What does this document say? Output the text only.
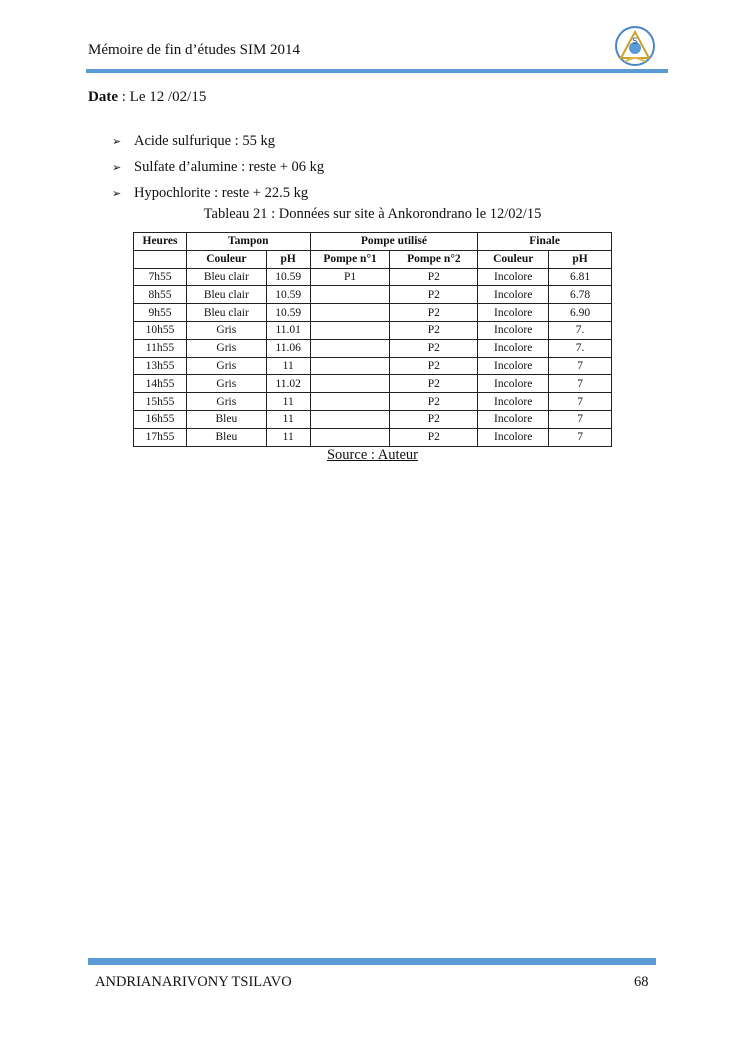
Mémoire de fin d’études SIM 2014	S
Date : Le 12 /02/15
➢ Acide sulfurique : 55 kg
➢ Sulfate d’alumine : reste + 06 kg
➢ Hypochlorite : reste + 22.5 kg
Tableau 21 : Données sur site à Ankorondrano le 12/02/15
Heures	Tampon		Pompe utilisé		Finale	
	Couleur	pH	Pompe n°1	Pompe n°2	Couleur	pH
7h55	Bleu clair	10.59	P1	P2	Incolore	6.81
8h55	Bleu clair	10.59		P2	Incolore	6.78
9h55	Bleu clair	10.59		P2	Incolore	6.90
10h55	Gris	11.01		P2	Incolore	7.
11h55	Gris	11.06		P2	Incolore	7.
13h55	Gris	11		P2	Incolore	7
14h55	Gris	11.02		P2	Incolore	7
15h55	Gris	11		P2	Incolore	7
16h55	Bleu	11		P2	Incolore	7
17h55	Bleu	11		P2	Incolore	7
Source : Auteur
ANDRIANARIVONY TSILAVO	68
